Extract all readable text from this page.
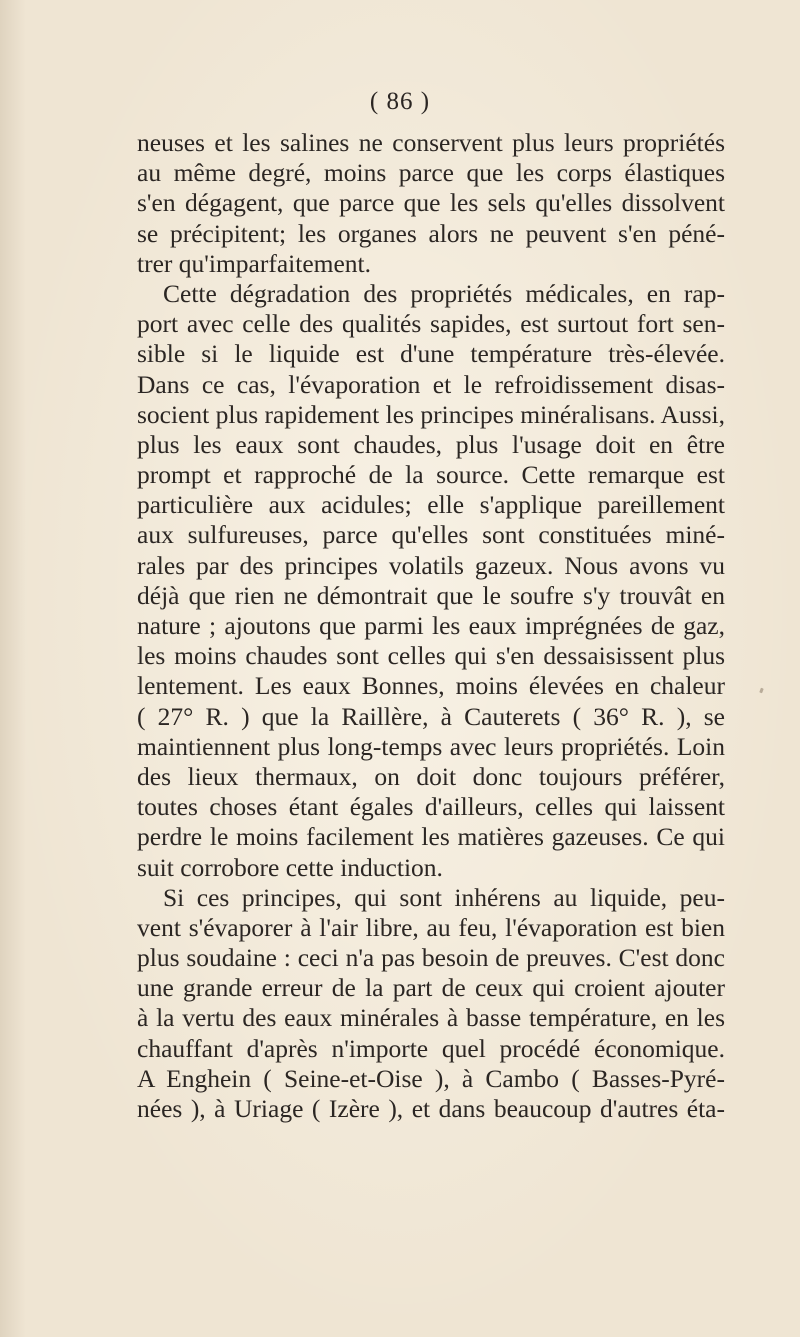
( 86 )
neuses et les salines ne conservent plus leurs propriétés
au même degré, moins parce que les corps élastiques
s'en dégagent, que parce que les sels qu'elles dissolvent
se précipitent; les organes alors ne peuvent s'en péné-
trer qu'imparfaitement.
Cette dégradation des propriétés médicales, en rap-
port avec celle des qualités sapides, est surtout fort sen-
sible si le liquide est d'une température très-élevée.
Dans ce cas, l'évaporation et le refroidissement disas-
socient plus rapidement les principes minéralisans. Aussi,
plus les eaux sont chaudes, plus l'usage doit en être
prompt et rapproché de la source. Cette remarque est
particulière aux acidules; elle s'applique pareillement
aux sulfureuses, parce qu'elles sont constituées miné-
rales par des principes volatils gazeux. Nous avons vu
déjà que rien ne démontrait que le soufre s'y trouvât en
nature ; ajoutons que parmi les eaux imprégnées de gaz,
les moins chaudes sont celles qui s'en dessaisissent plus
lentement. Les eaux Bonnes, moins élevées en chaleur
( 27° R. ) que la Raillère, à Cauterets ( 36° R. ), se
maintiennent plus long-temps avec leurs propriétés. Loin
des lieux thermaux, on doit donc toujours préférer,
toutes choses étant égales d'ailleurs, celles qui laissent
perdre le moins facilement les matières gazeuses. Ce qui
suit corrobore cette induction.
Si ces principes, qui sont inhérens au liquide, peu-
vent s'évaporer à l'air libre, au feu, l'évaporation est bien
plus soudaine : ceci n'a pas besoin de preuves. C'est donc
une grande erreur de la part de ceux qui croient ajouter
à la vertu des eaux minérales à basse température, en les
chauffant d'après n'importe quel procédé économique.
A Enghein ( Seine-et-Oise ), à Cambo ( Basses-Pyré-
nées ), à Uriage ( Izère ), et dans beaucoup d'autres éta-
